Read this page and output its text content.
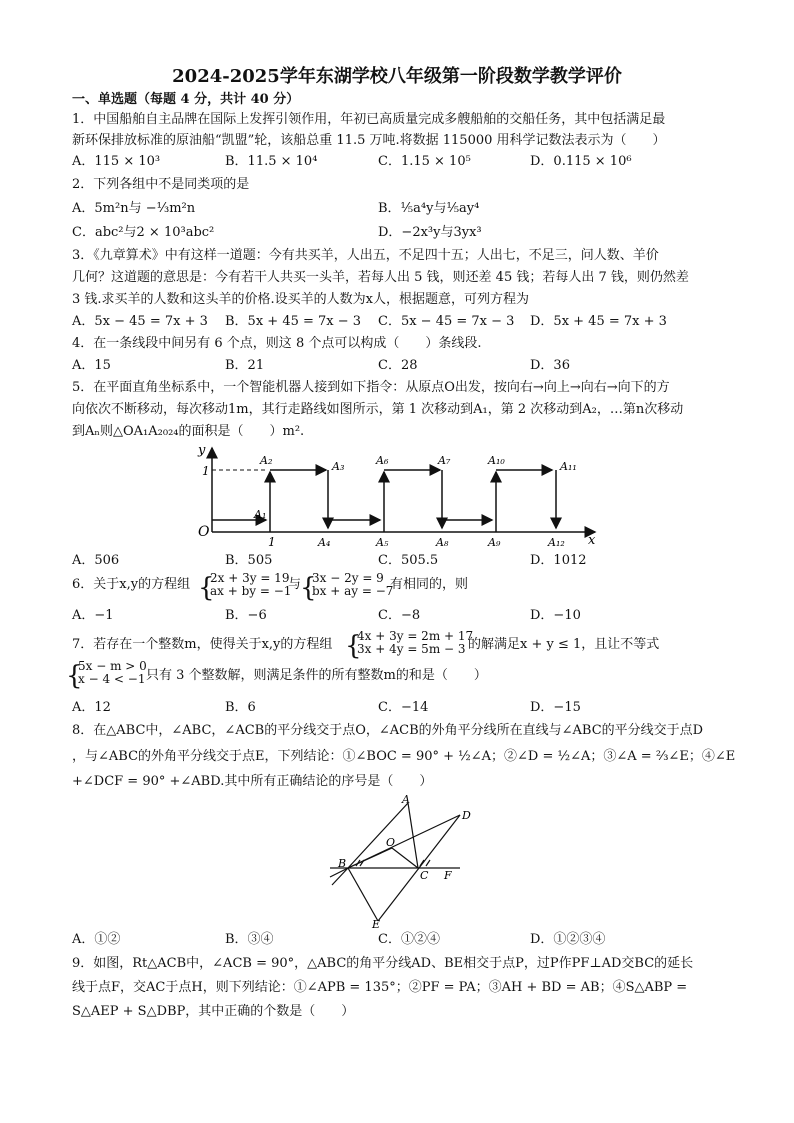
2024-2025学年东湖学校八年级第一阶段数学教学评价
一、单选题（每题 4 分，共计 40 分）
1．中国船舶自主品牌在国际上发挥引领作用，年初已高质量完成多艘船舶的交船任务，其中包括满足最
新环保排放标准的原油船“凯盟”轮，该船总重 11.5 万吨.将数据 115000 用科学记数法表示为（　　）
A．115 × 10³	B．11.5 × 10⁴	C．1.15 × 10⁵	D．0.115 × 10⁶
2．下列各组中不是同类项的是
A．5m²n与 −⅓m²n	B．⅕a⁴y与⅕ay⁴
C．abc²与2 × 10³abc²	D．−2x³y与3yx³
3．《九章算术》中有这样一道题：今有共买羊，人出五，不足四十五；人出七，不足三，问人数、羊价
几何？这道题的意思是：今有若干人共买一头羊，若每人出 5 钱，则还差 45 钱；若每人出 7 钱，则仍然差
3 钱.求买羊的人数和这头羊的价格.设买羊的人数为x人，根据题意，可列方程为
A．5x − 45 = 7x + 3 B．5x + 45 = 7x − 3 C．5x − 45 = 7x − 3 D．5x + 45 = 7x + 3
4．在一条线段中间另有 6 个点，则这 8 个点可以构成（　　）条线段.
A．15	B．21	C．28	D．36
5．在平面直角坐标系中，一个智能机器人接到如下指令：从原点O出发，按向右→向上→向右→向下的方
向依次不断移动，每次移动1m，其行走路线如图所示，第 1 次移动到A₁，第 2 次移动到A₂，…第n次移动
到Aₙ则△OA₁A₂₀₂₄的面积是（　　）m².
y
1
O
x
1
A₁
A₂	A₃
A₄	A₅
A₆	A₇
A₈	A₉
A₁₀	A₁₁
A₁₂
A．506	B．505	C．505.5	D．1012
6．关于x,y的方程组 {
2x + 3y = 19
ax + by = −1
与
{
3x − 2y = 9
bx + ay = −7
有相同的，则
A．−1	B．−6	C．−8	D．−10
7．若存在一个整数m，使得关于x,y的方程组 {
4x + 3y = 2m + 17
3x + 4y = 5m − 3 的解满足x + y ≤ 1，且让不等式
{
5x − m > 0
x − 4 < −1 只有 3 个整数解，则满足条件的所有整数m的和是（　　）
A．12	B．6	C．−14	D．−15
8．在△ABC中，∠ABC，∠ACB的平分线交于点O，∠ACB的外角平分线所在直线与∠ABC的平分线交于点D
，与∠ABC的外角平分线交于点E，下列结论：①∠BOC = 90° + ½∠A；②∠D = ½∠A；③∠A = ⅔∠E；④∠E
+∠DCF = 90° +∠ABD.其中所有正确结论的序号是（　　）
A
B
C
D
E
F
O
A．①②	B．③④	C．①②④	D．①②③④
9．如图，Rt△ACB中，∠ACB = 90°，△ABC的角平分线AD、BE相交于点P，过P作PF⊥AD交BC的延长
线于点F，交AC于点H，则下列结论：①∠APB = 135°；②PF = PA；③AH + BD = AB；④S△ABP =
S△AEP + S△DBP，其中正确的个数是（　　）
